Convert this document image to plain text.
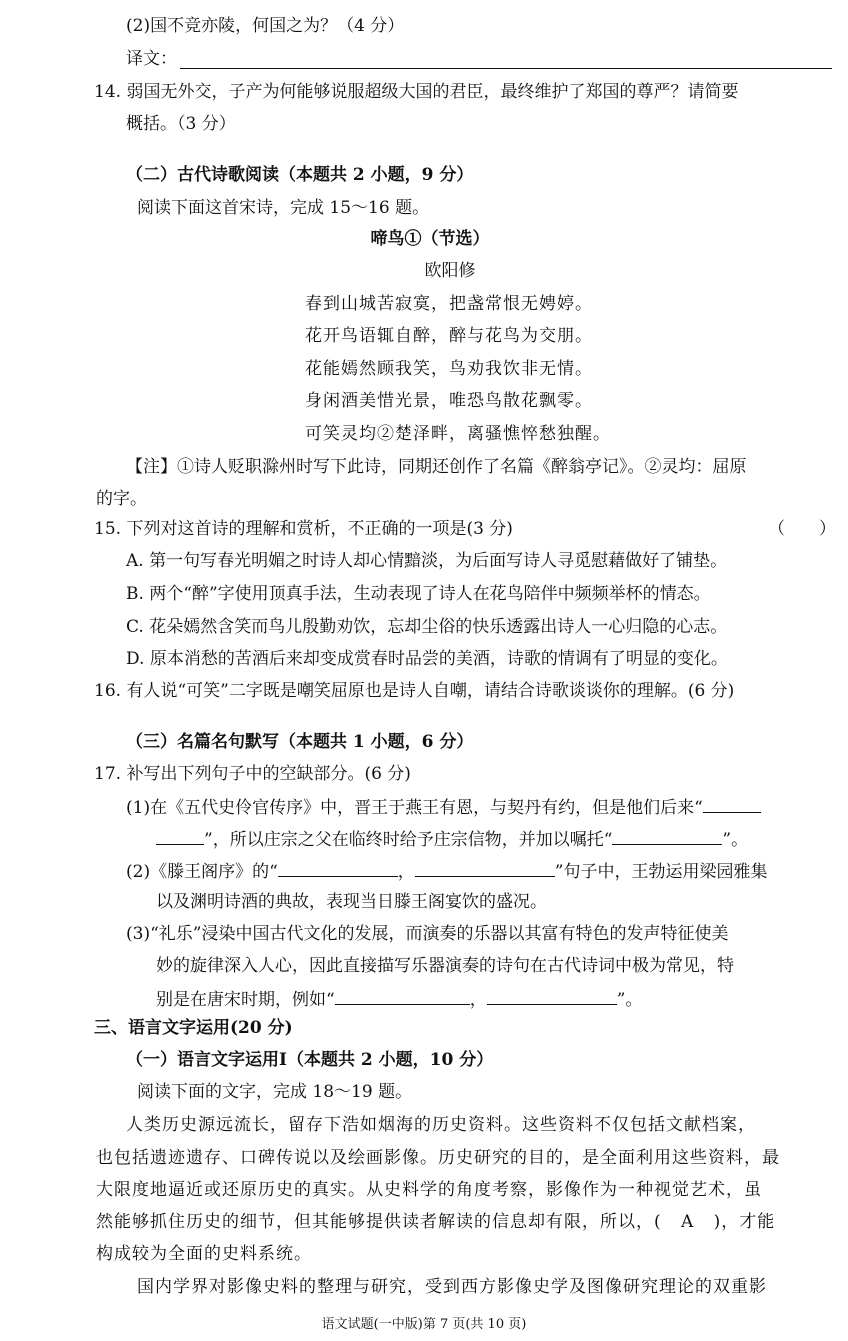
(2)国不竞亦陵，何国之为？（4 分）
译文：
14. 弱国无外交，子产为何能够说服超级大国的君臣，最终维护了郑国的尊严？请简要
概括。（3 分）
（二）古代诗歌阅读（本题共 2 小题，9 分）
阅读下面这首宋诗，完成 15～16 题。
啼鸟①（节选）
欧阳修
春到山城苦寂寞，把盏常恨无娉婷。
花开鸟语辄自醉，醉与花鸟为交朋。
花能嫣然顾我笑，鸟劝我饮非无情。
身闲酒美惜光景，唯恐鸟散花飘零。
可笑灵均②楚泽畔，离骚憔悴愁独醒。
【注】①诗人贬职滁州时写下此诗，同期还创作了名篇《醉翁亭记》。②灵均：屈原
的字。
15. 下列对这首诗的理解和赏析，不正确的一项是(3 分)	（　　）
A. 第一句写春光明媚之时诗人却心情黯淡，为后面写诗人寻觅慰藉做好了铺垫。
B. 两个“醉”字使用顶真手法，生动表现了诗人在花鸟陪伴中频频举杯的情态。
C. 花朵嫣然含笑而鸟儿殷勤劝饮，忘却尘俗的快乐透露出诗人一心归隐的心志。
D. 原本消愁的苦酒后来却变成赏春时品尝的美酒，诗歌的情调有了明显的变化。
16. 有人说“可笑”二字既是嘲笑屈原也是诗人自嘲，请结合诗歌谈谈你的理解。(6 分)
（三）名篇名句默写（本题共 1 小题，6 分）
17. 补写出下列句子中的空缺部分。(6 分)
(1)在《五代史伶官传序》中，晋王于燕王有恩，与契丹有约，但是他们后来“
”，所以庄宗之父在临终时给予庄宗信物，并加以嘱托“	”。
(2)《滕王阁序》的“	，	”句子中，王勃运用梁园雅集
以及渊明诗酒的典故，表现当日滕王阁宴饮的盛况。
(3)“礼乐”浸染中国古代文化的发展，而演奏的乐器以其富有特色的发声特征使美
妙的旋律深入人心，因此直接描写乐器演奏的诗句在古代诗词中极为常见，特
别是在唐宋时期，例如“	，	”。
三、语言文字运用(20 分)
（一）语言文字运用Ⅰ（本题共 2 小题，10 分）
阅读下面的文字，完成 18～19 题。
人类历史源远流长，留存下浩如烟海的历史资料。这些资料不仅包括文献档案，
也包括遗迹遗存、口碑传说以及绘画影像。历史研究的目的，是全面利用这些资料，最
大限度地逼近或还原历史的真实。从史料学的角度考察，影像作为一种视觉艺术，虽
然能够抓住历史的细节，但其能够提供读者解读的信息却有限，所以，( A )，才能
构成较为全面的史料系统。
国内学界对影像史料的整理与研究，受到西方影像史学及图像研究理论的双重影
语文试题(一中版)第 7 页(共 10 页)
